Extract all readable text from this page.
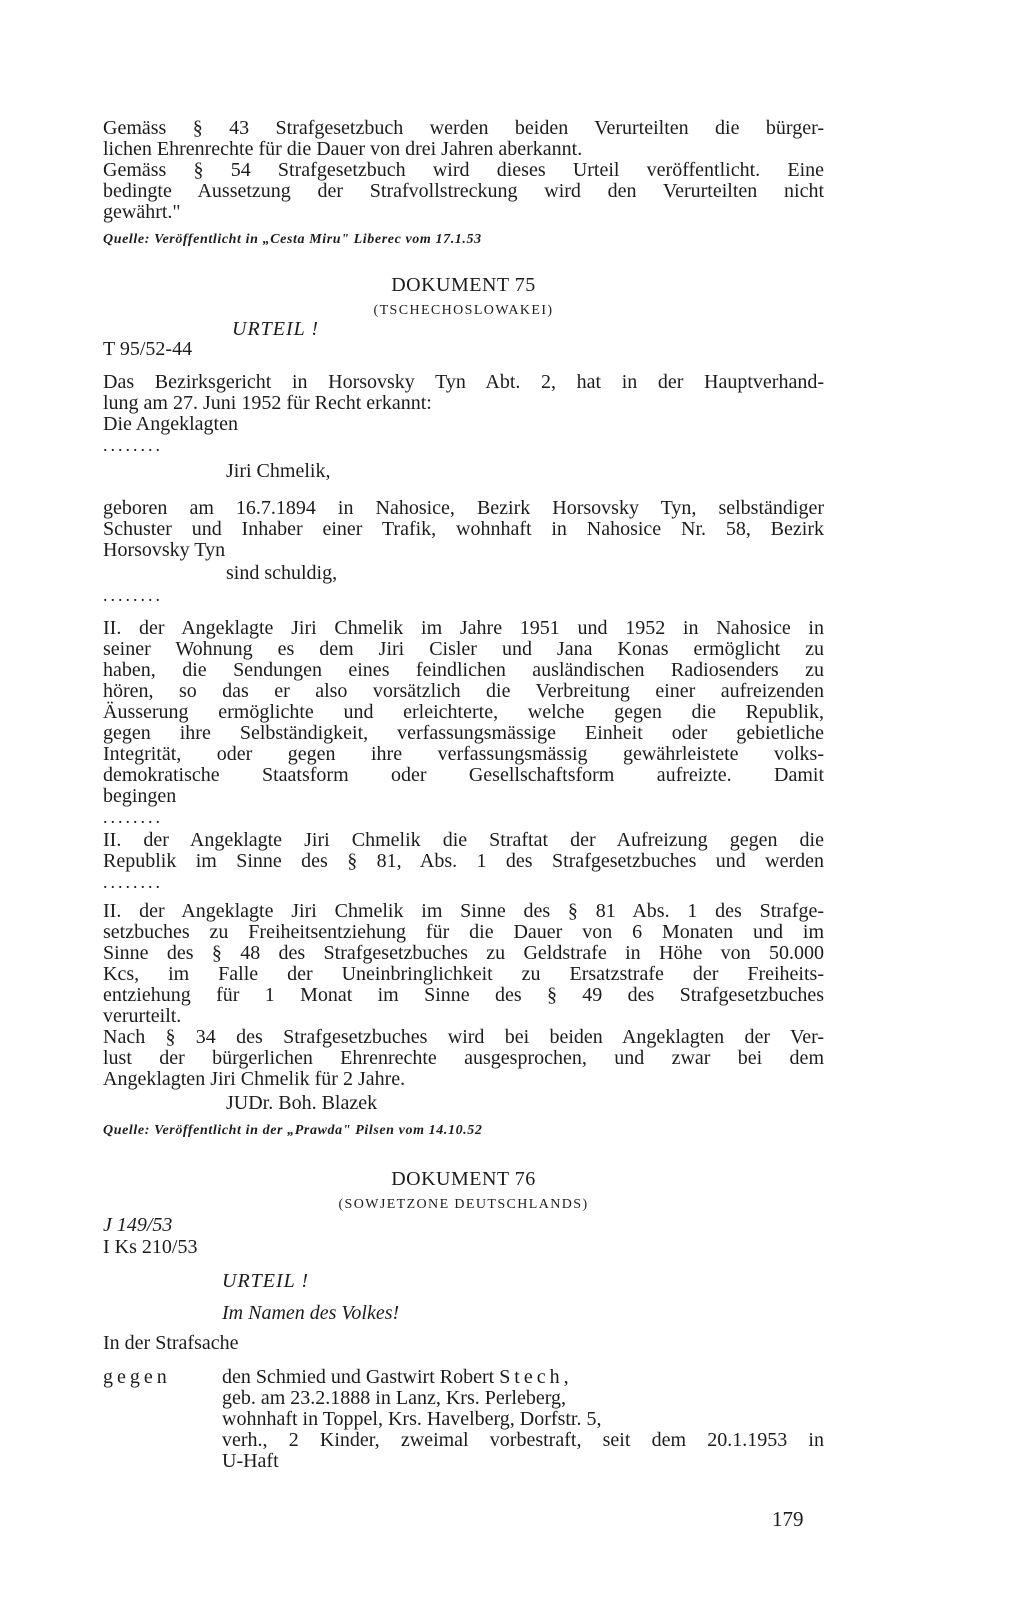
Gemäss § 43 Strafgesetzbuch werden beiden Verurteilten die bürger-
lichen Ehrenrechte für die Dauer von drei Jahren aberkannt.
Gemäss § 54 Strafgesetzbuch wird dieses Urteil veröffentlicht. Eine
bedingte Aussetzung der Strafvollstreckung wird den Verurteilten nicht
gewährt."
Quelle: Veröffentlicht in „Cesta Miru" Liberec vom 17.1.53
DOKUMENT 75
(TSCHECHOSLOWAKEI)
URTEIL !
T 95/52-44
Das Bezirksgericht in Horsovsky Tyn Abt. 2, hat in der Hauptverhand-
lung am 27. Juni 1952 für Recht erkannt:
Die Angeklagten
........
Jiri Chmelik,
geboren am 16.7.1894 in Nahosice, Bezirk Horsovsky Tyn, selbständiger
Schuster und Inhaber einer Trafik, wohnhaft in Nahosice Nr. 58, Bezirk
Horsovsky Tyn
sind schuldig,
........
II. der Angeklagte Jiri Chmelik im Jahre 1951 und 1952 in Nahosice in
seiner Wohnung es dem Jiri Cisler und Jana Konas ermöglicht zu
haben, die Sendungen eines feindlichen ausländischen Radiosenders zu
hören, so das er also vorsätzlich die Verbreitung einer aufreizenden
Äusserung ermöglichte und erleichterte, welche gegen die Republik,
gegen ihre Selbständigkeit, verfassungsmässige Einheit oder gebietliche
Integrität, oder gegen ihre verfassungsmässig gewährleistete volks-
demokratische Staatsform oder Gesellschaftsform aufreizte. Damit
begingen
........
II. der Angeklagte Jiri Chmelik die Straftat der Aufreizung gegen die
Republik im Sinne des § 81, Abs. 1 des Strafgesetzbuches und werden
........
II. der Angeklagte Jiri Chmelik im Sinne des § 81 Abs. 1 des Strafge-
setzbuches zu Freiheitsentziehung für die Dauer von 6 Monaten und im
Sinne des § 48 des Strafgesetzbuches zu Geldstrafe in Höhe von 50.000
Kcs, im Falle der Uneinbringlichkeit zu Ersatzstrafe der Freiheits-
entziehung für 1 Monat im Sinne des § 49 des Strafgesetzbuches
verurteilt.
Nach § 34 des Strafgesetzbuches wird bei beiden Angeklagten der Ver-
lust der bürgerlichen Ehrenrechte ausgesprochen, und zwar bei dem
Angeklagten Jiri Chmelik für 2 Jahre.
JUDr. Boh. Blazek
Quelle: Veröffentlicht in der „Prawda" Pilsen vom 14.10.52
DOKUMENT 76
(SOWJETZONE DEUTSCHLANDS)
J 149/53
I Ks 210/53
URTEIL !
Im Namen des Volkes!
In der Strafsache
gegen	den Schmied und Gastwirt Robert Stech,
geb. am 23.2.1888 in Lanz, Krs. Perleberg,
wohnhaft in Toppel, Krs. Havelberg, Dorfstr. 5,
verh., 2 Kinder, zweimal vorbestraft, seit dem 20.1.1953 in
U-Haft
179
